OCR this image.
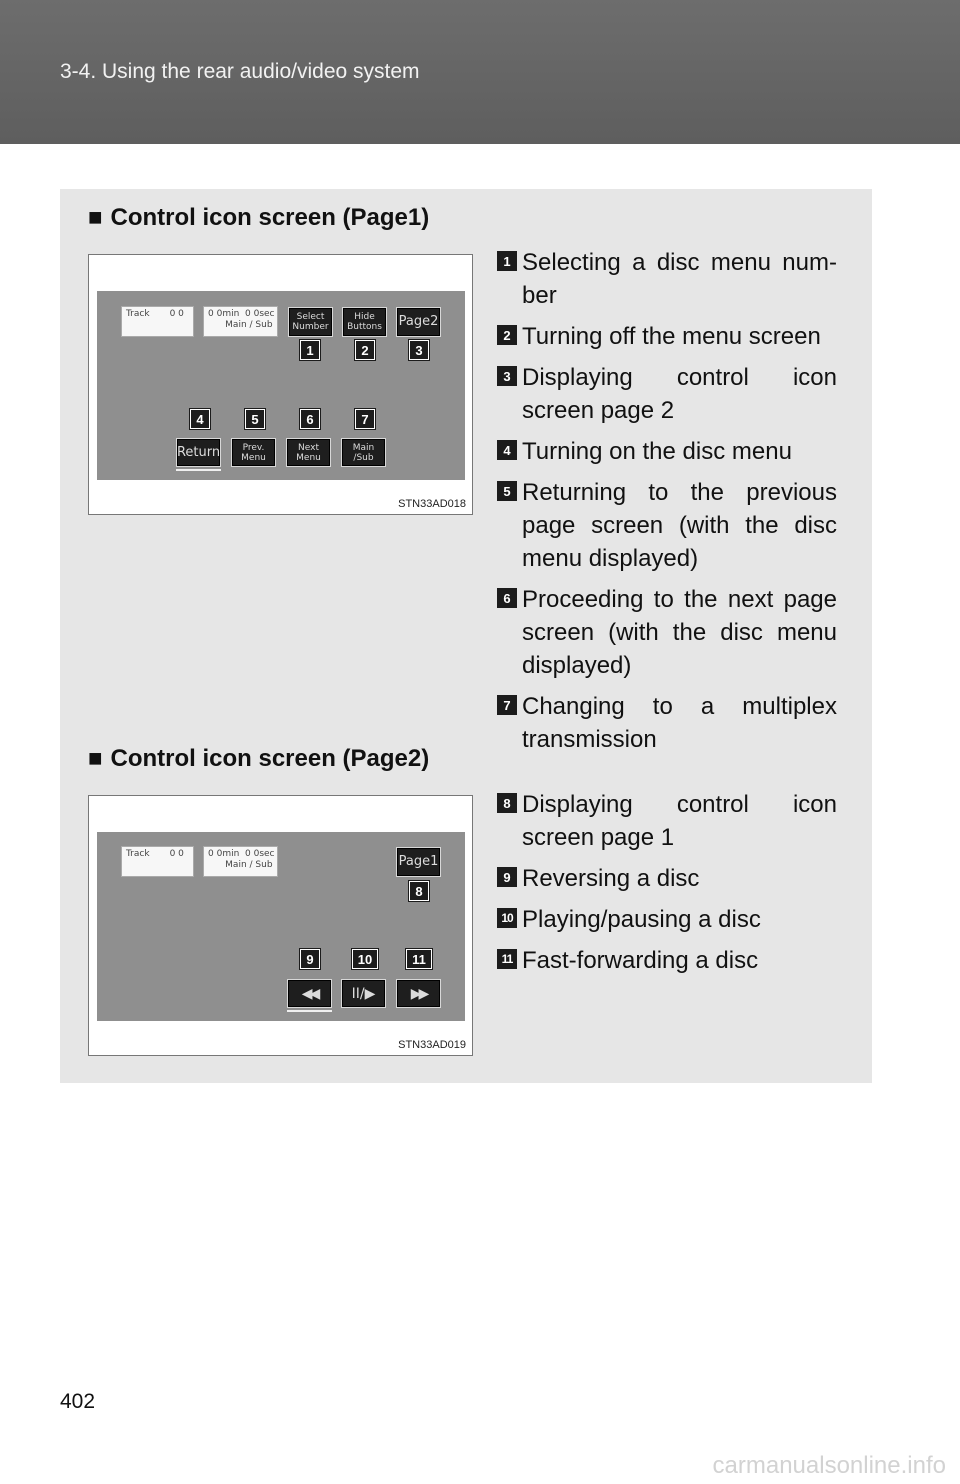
3-4. Using the rear audio/video system
■ Control icon screen (Page1)
Track       0 0	0 0min  0 0sec
Main / Sub
Select
Number
Hide
Buttons	Page2
1	2	3
4	5	6	7
Return	Prev.
Menu
Next
Menu
Main
/Sub
STN33AD018
1 Selecting a disc menu num-ber
2 Turning off the menu screen
3 Displaying control icon screen page 2
4 Turning on the disc menu
5 Returning to the previous page screen (with the disc menu displayed)
6 Proceeding to the next page screen (with the disc menu displayed)
7 Changing to a multiplex transmission
■ Control icon screen (Page2)
Track       0 0	0 0min  0 0sec
Main / Sub	Page1
8
9	10	11
◀◀ II/▶	▶▶
STN33AD019
8 Displaying control icon screen page 1
9 Reversing a disc
10 Playing/pausing a disc
11 Fast-forwarding a disc
402
carmanualsonline.info
